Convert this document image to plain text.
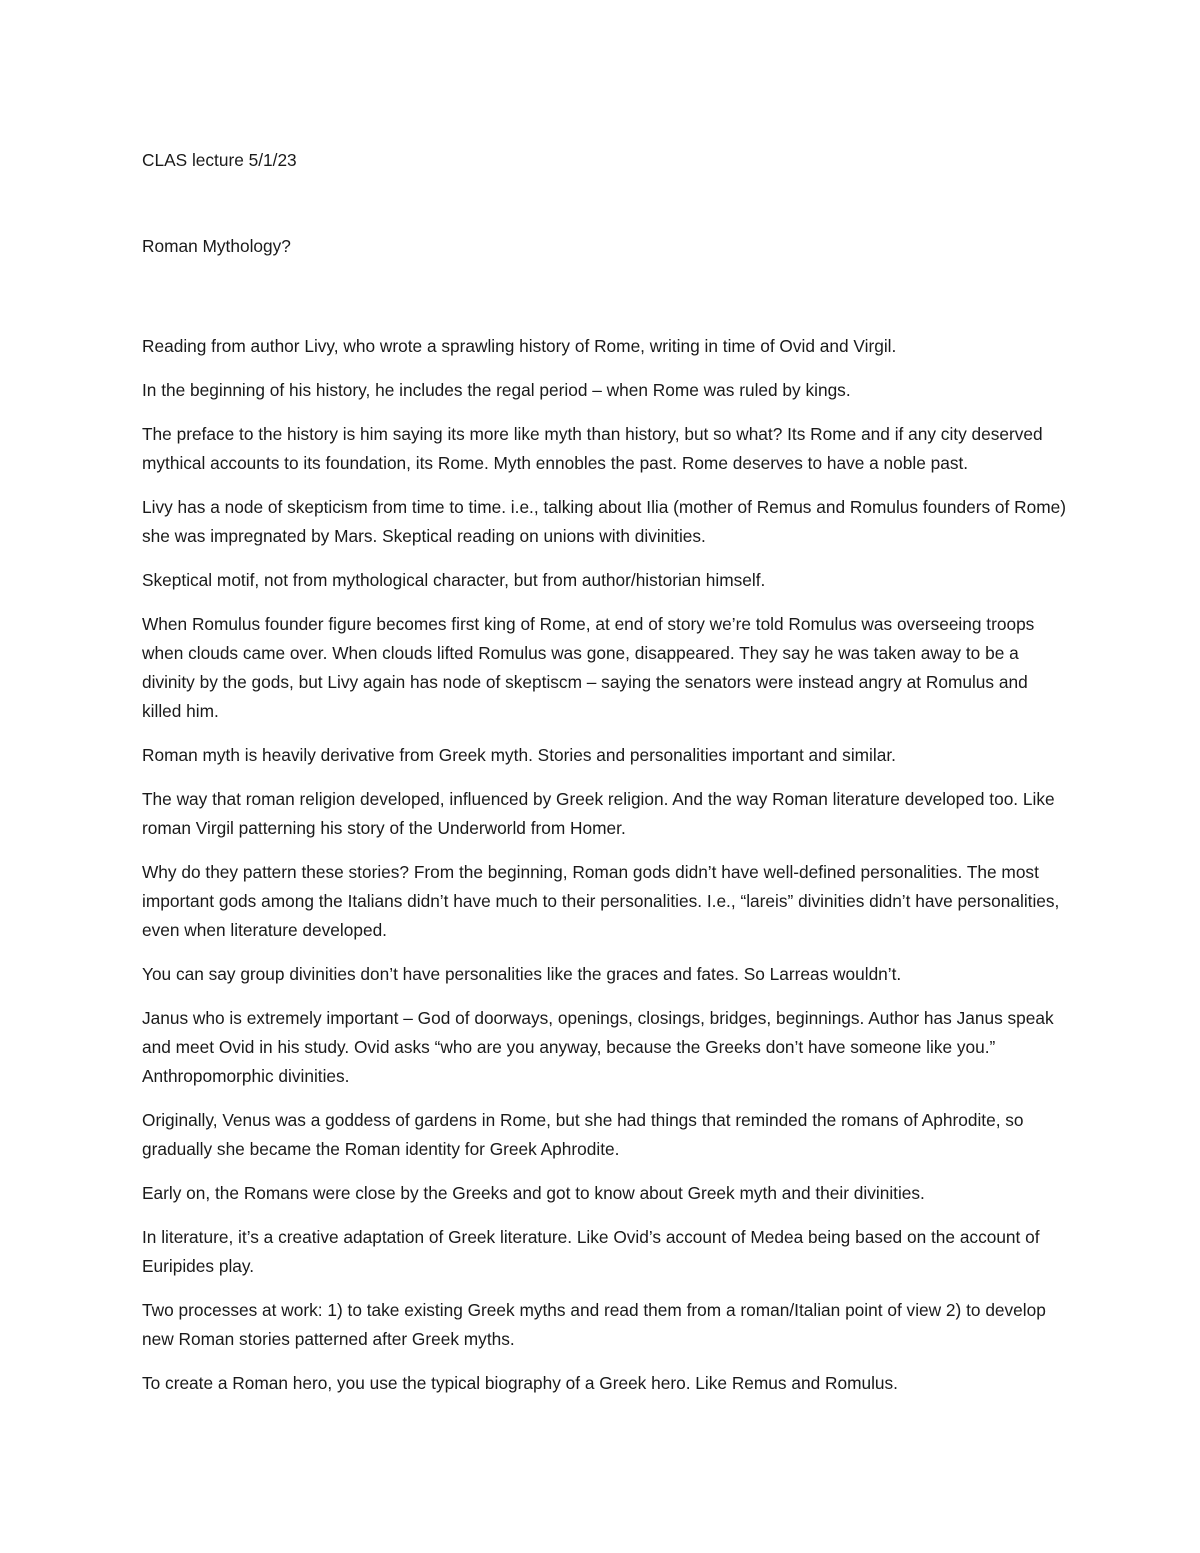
CLAS lecture 5/1/23

Roman Mythology?

Reading from author Livy, who wrote a sprawling history of Rome, writing in time of Ovid and Virgil.

In the beginning of his history, he includes the regal period – when Rome was ruled by kings.

The preface to the history is him saying its more like myth than history, but so what? Its Rome and if any city deserved mythical accounts to its foundation, its Rome. Myth ennobles the past. Rome deserves to have a noble past.

Livy has a node of skepticism from time to time. i.e., talking about Ilia (mother of Remus and Romulus founders of Rome) she was impregnated by Mars. Skeptical reading on unions with divinities.

Skeptical motif, not from mythological character, but from author/historian himself.

When Romulus founder figure becomes first king of Rome, at end of story we’re told Romulus was overseeing troops when clouds came over. When clouds lifted Romulus was gone, disappeared. They say he was taken away to be a divinity by the gods, but Livy again has node of skeptiscm – saying the senators were instead angry at Romulus and killed him.

Roman myth is heavily derivative from Greek myth. Stories and personalities important and similar.

The way that roman religion developed, influenced by Greek religion. And the way Roman literature developed too. Like roman Virgil patterning his story of the Underworld from Homer.

Why do they pattern these stories? From the beginning, Roman gods didn’t have well-defined personalities. The most important gods among the Italians didn’t have much to their personalities. I.e., “lareis” divinities didn’t have personalities, even when literature developed.

You can say group divinities don’t have personalities like the graces and fates. So Larreas wouldn’t.

Janus who is extremely important – God of doorways, openings, closings, bridges, beginnings. Author has Janus speak and meet Ovid in his study. Ovid asks “who are you anyway, because the Greeks don’t have someone like you.” Anthropomorphic divinities.

Originally, Venus was a goddess of gardens in Rome, but she had things that reminded the romans of Aphrodite, so gradually she became the Roman identity for Greek Aphrodite.

Early on, the Romans were close by the Greeks and got to know about Greek myth and their divinities.

In literature, it’s a creative adaptation of Greek literature. Like Ovid’s account of Medea being based on the account of Euripides play.

Two processes at work: 1) to take existing Greek myths and read them from a roman/Italian point of view 2) to develop new Roman stories patterned after Greek myths.

To create a Roman hero, you use the typical biography of a Greek hero. Like Remus and Romulus.
